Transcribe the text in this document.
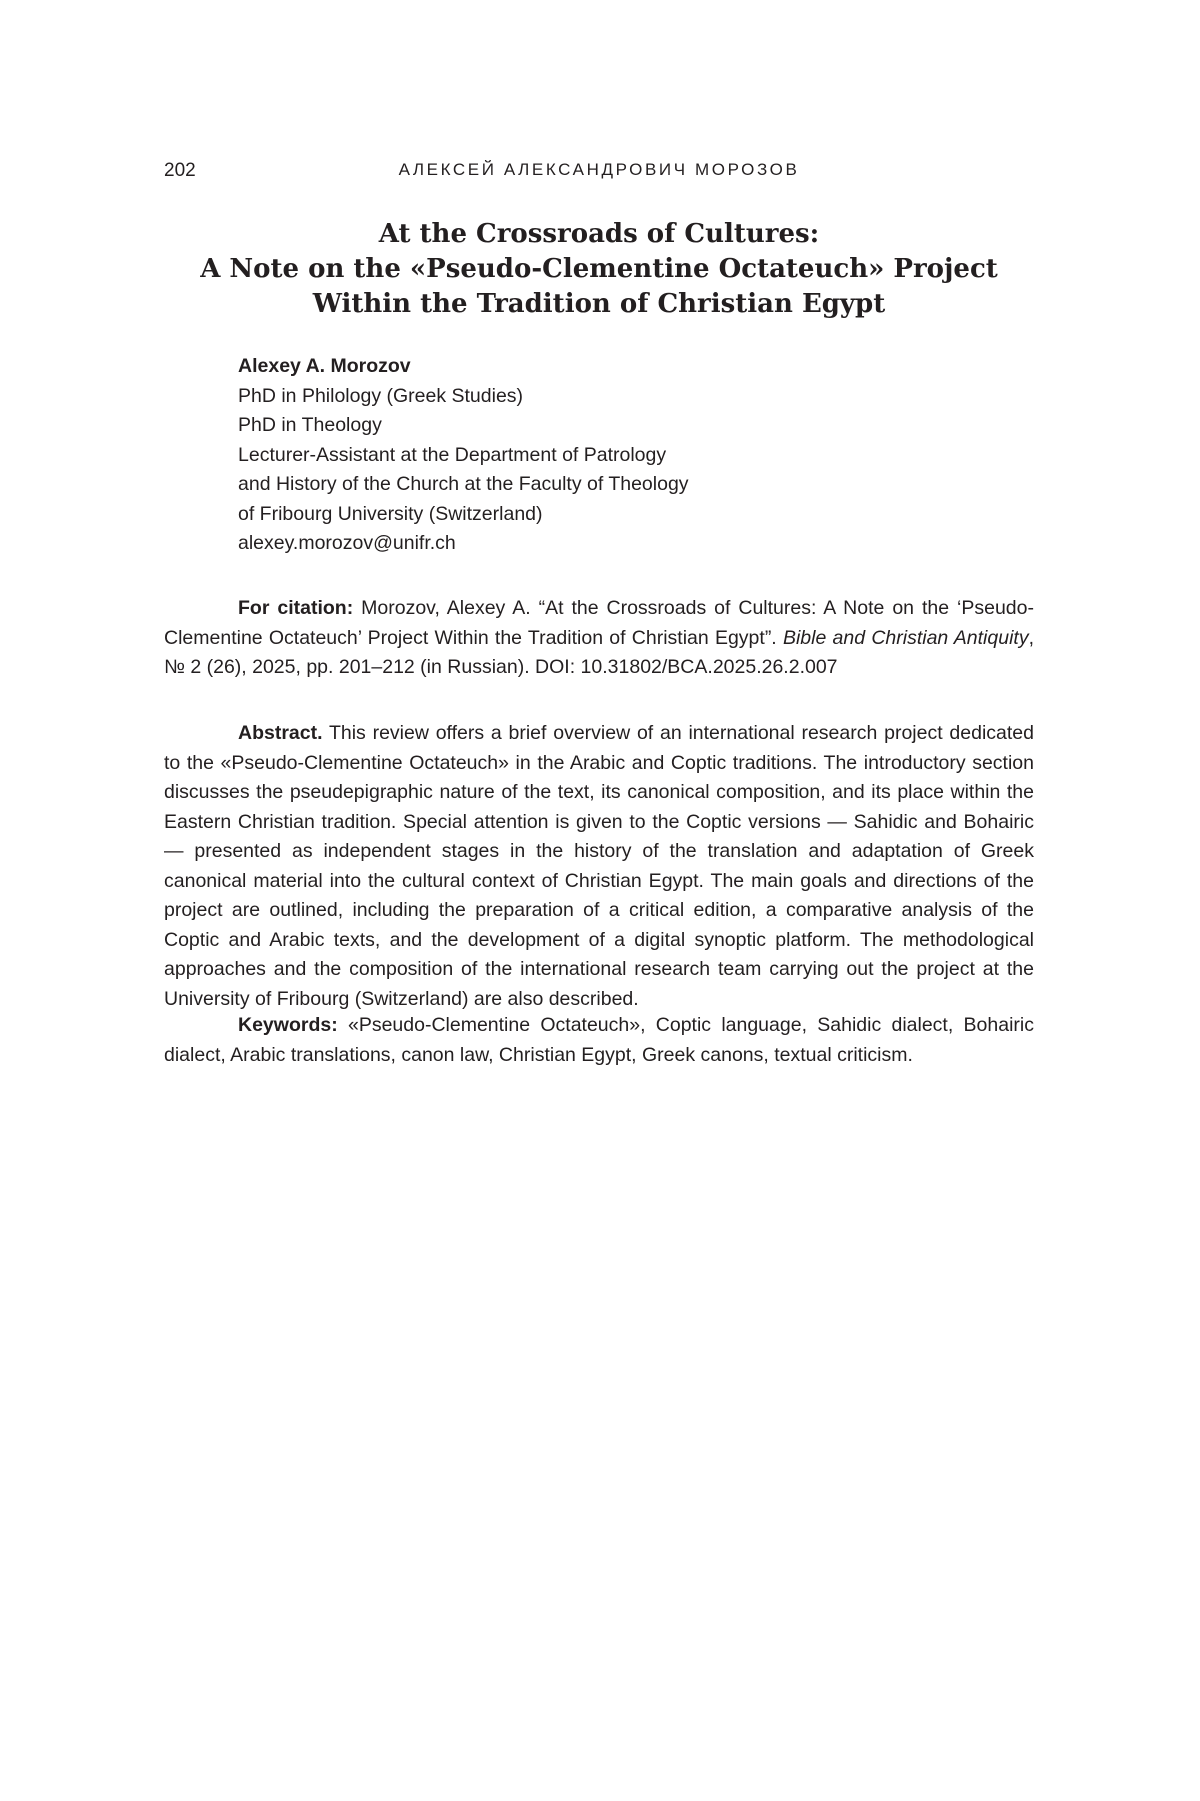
202	АЛЕКСЕЙ АЛЕКСАНДРОВИЧ МОРОЗОВ
At the Crossroads of Cultures:
A Note on the «Pseudo-Clementine Octateuch» Project
Within the Tradition of Christian Egypt
Alexey A. Morozov
PhD in Philology (Greek Studies)
PhD in Theology
Lecturer-Assistant at the Department of Patrology
and History of the Church at the Faculty of Theology
of Fribourg University (Switzerland)
alexey.morozov@unifr.ch
For citation: Morozov, Alexey A. “At the Crossroads of Cultures: A Note on the ‘Pseudo-Clementine Octateuch’ Project Within the Tradition of Christian Egypt”. Bible and Christian Antiquity, № 2 (26), 2025, pp. 201–212 (in Russian). DOI: 10.31802/BCA.2025.26.2.007
Abstract. This review offers a brief overview of an international research project dedicated to the «Pseudo-Clementine Octateuch» in the Arabic and Coptic traditions. The introductory section discusses the pseudepigraphic nature of the text, its canonical composition, and its place within the Eastern Christian tradition. Special attention is given to the Coptic versions — Sahidic and Bohairic — presented as independent stages in the history of the translation and adaptation of Greek canonical material into the cultural context of Christian Egypt. The main goals and directions of the project are outlined, including the preparation of a critical edition, a comparative analysis of the Coptic and Arabic texts, and the development of a digital synoptic platform. The methodological approaches and the composition of the international research team carrying out the project at the University of Fribourg (Switzerland) are also described.
Keywords: «Pseudo-Clementine Octateuch», Coptic language, Sahidic dialect, Bohairic dialect, Arabic translations, canon law, Christian Egypt, Greek canons, textual criticism.
